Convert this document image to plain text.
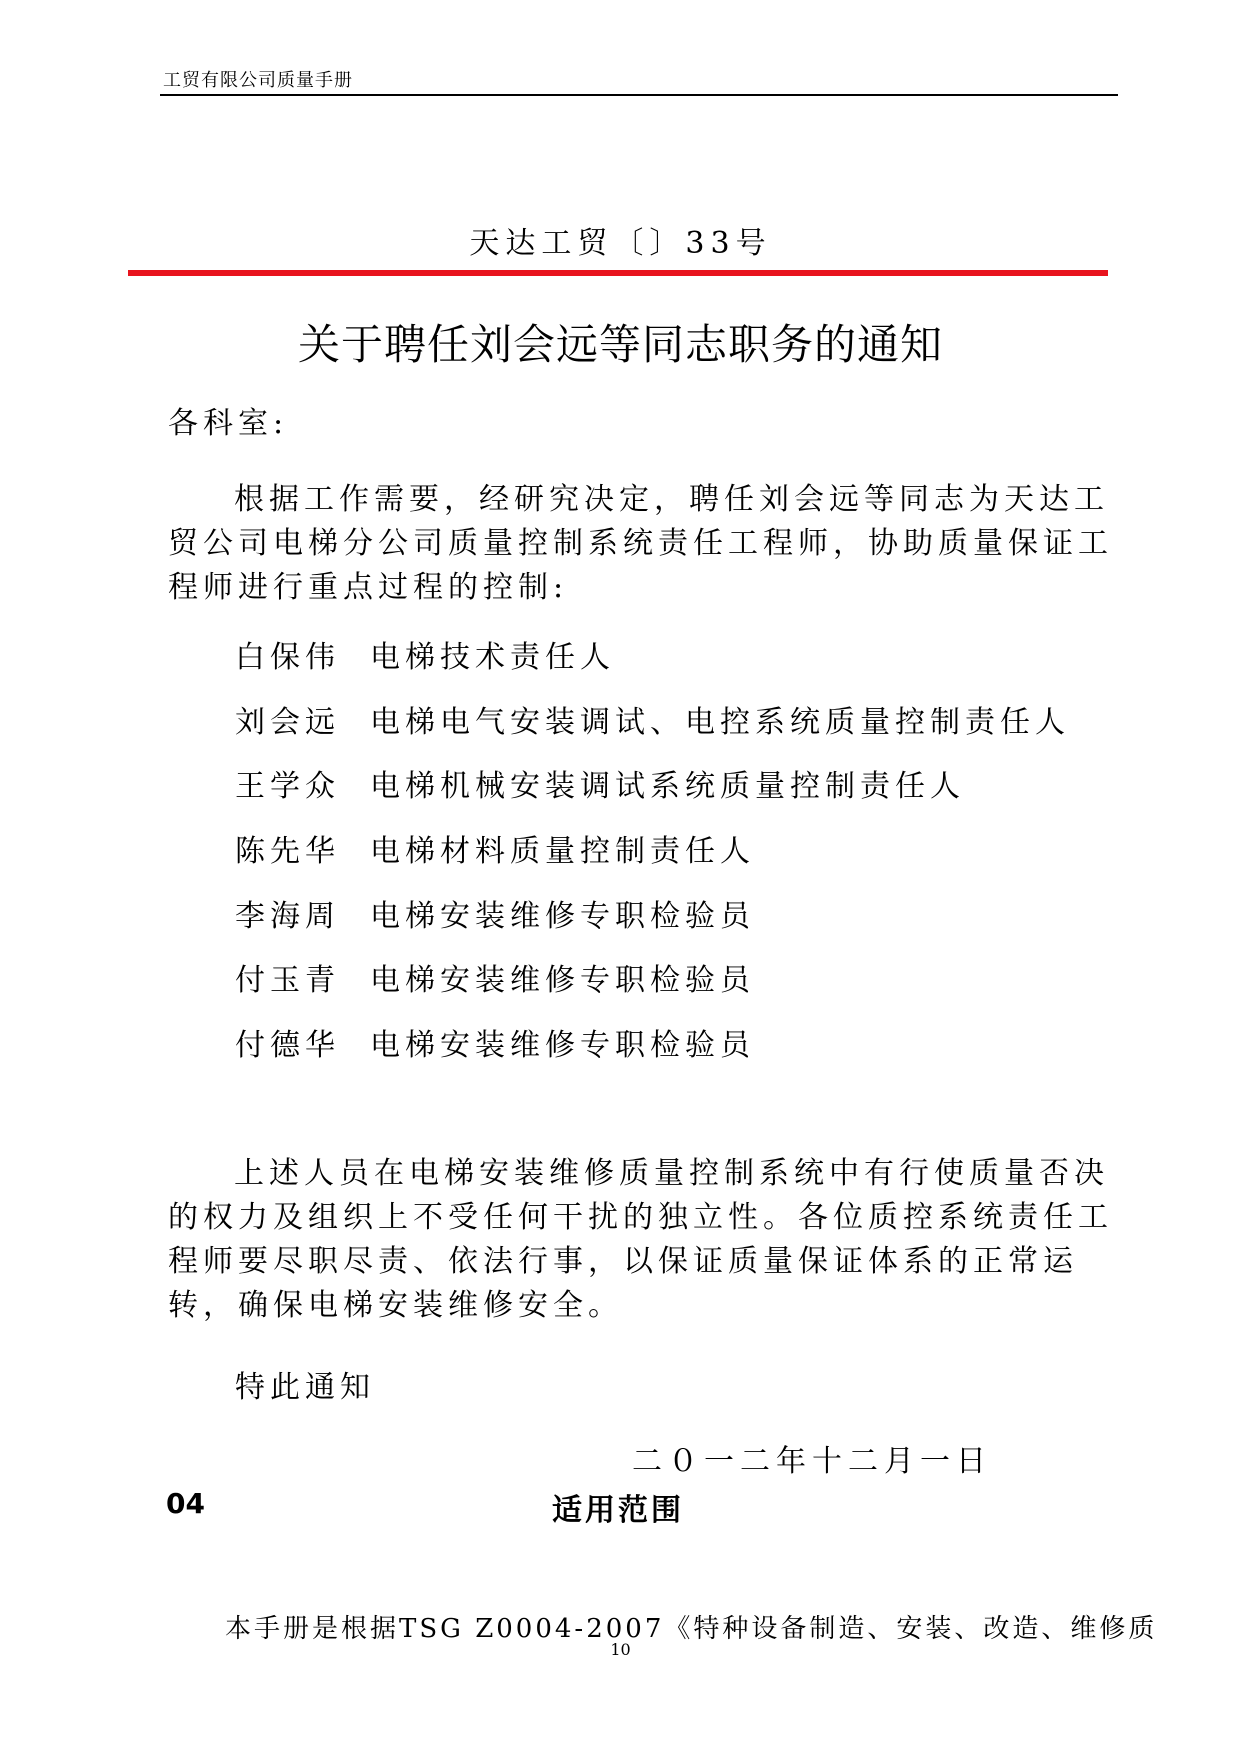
工贸有限公司质量手册
天达工贸〔〕33号
关于聘任刘会远等同志职务的通知
各科室:
根据工作需要，经研究决定，聘任刘会远等同志为天达工贸公司电梯分公司质量控制系统责任工程师，协助质量保证工程师进行重点过程的控制:
白保伟 电梯技术责任人
刘会远 电梯电气安装调试、电控系统质量控制责任人
王学众 电梯机械安装调试系统质量控制责任人
陈先华 电梯材料质量控制责任人
李海周 电梯安装维修专职检验员
付玉青 电梯安装维修专职检验员
付德华 电梯安装维修专职检验员
上述人员在电梯安装维修质量控制系统中有行使质量否决的权力及组织上不受任何干扰的独立性。各位质控系统责任工程师要尽职尽责、依法行事，以保证质量保证体系的正常运转，确保电梯安装维修安全。
特此通知
二０一二年十二月一日
04	适用范围
本手册是根据TSG Z0004-2007《特种设备制造、安装、改造、维修质
10
